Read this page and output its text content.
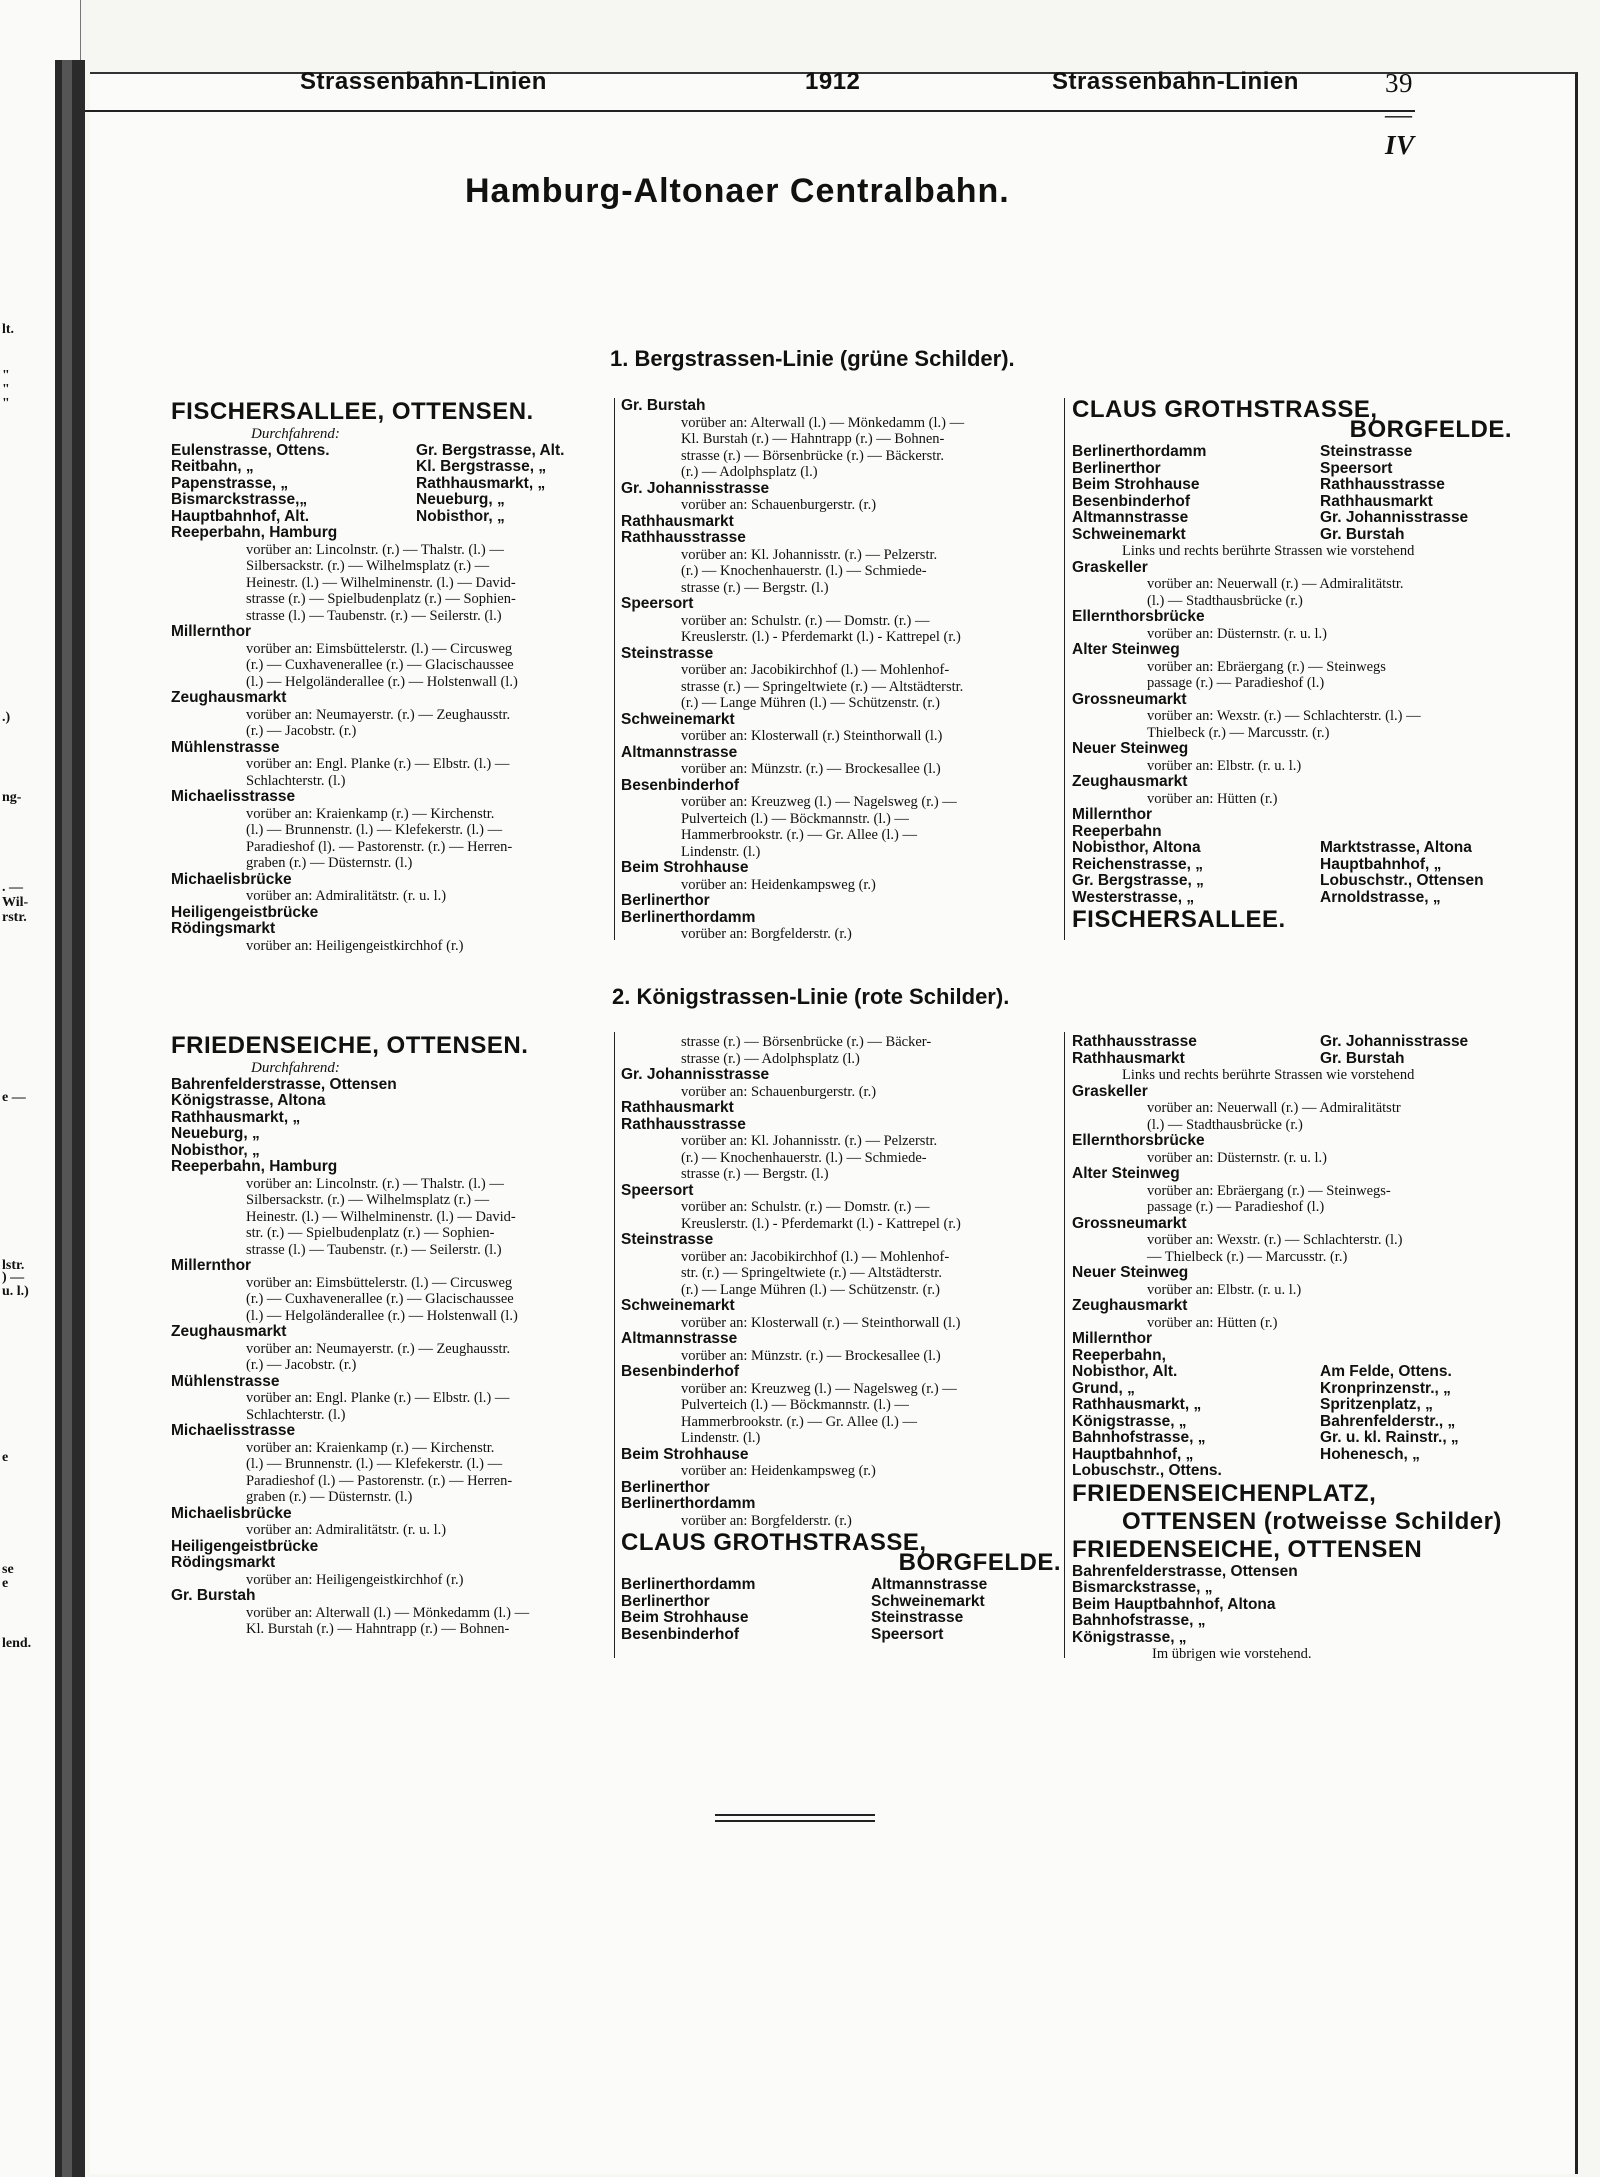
lt.
"
"
"
.)
ng-
. —
Wil-
rstr.
e —
lstr.
) —
u. l.)
e
se
e
lend.
Strassenbahn-Linien	1912	Strassenbahn-Linien	39—IV
Hamburg-Altonaer Centralbahn.
1. Bergstrassen-Linie (grüne Schilder).
FISCHERSALLEE, OTTENSEN.
Durchfahrend:
Eulenstrasse, Ottens.	Gr. Bergstrasse, Alt.
Reitbahn, „	Kl. Bergstrasse, „
Papenstrasse, „	Rathhausmarkt, „
Bismarckstrasse,„	Neueburg, „
Hauptbahnhof, Alt.	Nobisthor, „
Reeperbahn, Hamburg
vorüber an: Lincolnstr. (r.) — Thalstr. (l.) —
Silbersackstr. (r.) — Wilhelmsplatz (r.) —
Heinestr. (l.) — Wilhelminenstr. (l.) — David-
strasse (r.) — Spielbudenplatz (r.) — Sophien-
strasse (l.) — Taubenstr. (r.) — Seilerstr. (l.)
Millernthor
vorüber an: Eimsbüttelerstr. (l.) — Circusweg
(r.) — Cuxhavenerallee (r.) — Glacischaussee
(l.) — Helgoländerallee (r.) — Holstenwall (l.)
Zeughausmarkt
vorüber an: Neumayerstr. (r.) — Zeughausstr.
(r.) — Jacobstr. (r.)
Mühlenstrasse
vorüber an: Engl. Planke (r.) — Elbstr. (l.) —
Schlachterstr. (l.)
Michaelisstrasse
vorüber an: Kraienkamp (r.) — Kirchenstr.
(l.) — Brunnenstr. (l.) — Klefekerstr. (l.) —
Paradieshof (l). — Pastorenstr. (r.) — Herren-
graben (r.) — Düsternstr. (l.)
Michaelisbrücke
vorüber an: Admiralitätstr. (r. u. l.)
Heiligengeistbrücke
Rödingsmarkt
vorüber an: Heiligengeistkirchhof (r.)
Gr. Burstah
vorüber an: Alterwall (l.) — Mönkedamm (l.) —
Kl. Burstah (r.) — Hahntrapp (r.) — Bohnen-
strasse (r.) — Börsenbrücke (r.) — Bäckerstr.
(r.) — Adolphsplatz (l.)
Gr. Johannisstrasse
vorüber an: Schauenburgerstr. (r.)
Rathhausmarkt
Rathhausstrasse
vorüber an: Kl. Johannisstr. (r.) — Pelzerstr.
(r.) — Knochenhauerstr. (l.) — Schmiede-
strasse (r.) — Bergstr. (l.)
Speersort
vorüber an: Schulstr. (r.) — Domstr. (r.) —
Kreuslerstr. (l.) - Pferdemarkt (l.) - Kattrepel (r.)
Steinstrasse
vorüber an: Jacobikirchhof (l.) — Mohlenhof-
strasse (r.) — Springeltwiete (r.) — Altstädterstr.
(r.) — Lange Mühren (l.) — Schützenstr. (r.)
Schweinemarkt
vorüber an: Klosterwall (r.) Steinthorwall (l.)
Altmannstrasse
vorüber an: Münzstr. (r.) — Brockesallee (l.)
Besenbinderhof
vorüber an: Kreuzweg (l.) — Nagelsweg (r.) —
Pulverteich (l.) — Böckmannstr. (l.) —
Hammerbrookstr. (r.) — Gr. Allee (l.) —
Lindenstr. (l.)
Beim Strohhause
vorüber an: Heidenkampsweg (r.)
Berlinerthor
Berlinerthordamm
vorüber an: Borgfelderstr. (r.)
CLAUS GROTHSTRASSE,
BORGFELDE.
Berlinerthordamm	Steinstrasse
Berlinerthor	Speersort
Beim Strohhause	Rathhausstrasse
Besenbinderhof	Rathhausmarkt
Altmannstrasse	Gr. Johannisstrasse
Schweinemarkt	Gr. Burstah
Links und rechts berührte Strassen wie vorstehend
Graskeller
vorüber an: Neuerwall (r.) — Admiralitätstr.
(l.) — Stadthausbrücke (r.)
Ellernthorsbrücke
vorüber an: Düsternstr. (r. u. l.)
Alter Steinweg
vorüber an: Ebräergang (r.) — Steinwegs
passage (r.) — Paradieshof (l.)
Grossneumarkt
vorüber an: Wexstr. (r.) — Schlachterstr. (l.) —
Thielbeck (r.) — Marcusstr. (r.)
Neuer Steinweg
vorüber an: Elbstr. (r. u. l.)
Zeughausmarkt
vorüber an: Hütten (r.)
Millernthor
Reeperbahn
Nobisthor, Altona	Marktstrasse, Altona
Reichenstrasse, „	Hauptbahnhof, „
Gr. Bergstrasse, „	Lobuschstr., Ottensen
Westerstrasse, „	Arnoldstrasse, „
FISCHERSALLEE.
2. Königstrassen-Linie (rote Schilder).
FRIEDENSEICHE, OTTENSEN.
Durchfahrend:
Bahrenfelderstrasse, Ottensen
Königstrasse, Altona
Rathhausmarkt, „
Neueburg, „
Nobisthor, „
Reeperbahn, Hamburg
vorüber an: Lincolnstr. (r.) — Thalstr. (l.) —
Silbersackstr. (r.) — Wilhelmsplatz (r.) —
Heinestr. (l.) — Wilhelminenstr. (l.) — David-
str. (r.) — Spielbudenplatz (r.) — Sophien-
strasse (l.) — Taubenstr. (r.) — Seilerstr. (l.)
Millernthor
vorüber an: Eimsbüttelerstr. (l.) — Circusweg
(r.) — Cuxhavenerallee (r.) — Glacischaussee
(l.) — Helgoländerallee (r.) — Holstenwall (l.)
Zeughausmarkt
vorüber an: Neumayerstr. (r.) — Zeughausstr.
(r.) — Jacobstr. (r.)
Mühlenstrasse
vorüber an: Engl. Planke (r.) — Elbstr. (l.) —
Schlachterstr. (l.)
Michaelisstrasse
vorüber an: Kraienkamp (r.) — Kirchenstr.
(l.) — Brunnenstr. (l.) — Klefekerstr. (l.) —
Paradieshof (l.) — Pastorenstr. (r.) — Herren-
graben (r.) — Düsternstr. (l.)
Michaelisbrücke
vorüber an: Admiralitätstr. (r. u. l.)
Heiligengeistbrücke
Rödingsmarkt
vorüber an: Heiligengeistkirchhof (r.)
Gr. Burstah
vorüber an: Alterwall (l.) — Mönkedamm (l.) —
Kl. Burstah (r.) — Hahntrapp (r.) — Bohnen-
strasse (r.) — Börsenbrücke (r.) — Bäcker-
strasse (r.) — Adolphsplatz (l.)
Gr. Johannisstrasse
vorüber an: Schauenburgerstr. (r.)
Rathhausmarkt
Rathhausstrasse
vorüber an: Kl. Johannisstr. (r.) — Pelzerstr.
(r.) — Knochenhauerstr. (l.) — Schmiede-
strasse (r.) — Bergstr. (l.)
Speersort
vorüber an: Schulstr. (r.) — Domstr. (r.) —
Kreuslerstr. (l.) - Pferdemarkt (l.) - Kattrepel (r.)
Steinstrasse
vorüber an: Jacobikirchhof (l.) — Mohlenhof-
str. (r.) — Springeltwiete (r.) — Altstädterstr.
(r.) — Lange Mühren (l.) — Schützenstr. (r.)
Schweinemarkt
vorüber an: Klosterwall (r.) — Steinthorwall (l.)
Altmannstrasse
vorüber an: Münzstr. (r.) — Brockesallee (l.)
Besenbinderhof
vorüber an: Kreuzweg (l.) — Nagelsweg (r.) —
Pulverteich (l.) — Böckmannstr. (l.) —
Hammerbrookstr. (r.) — Gr. Allee (l.) —
Lindenstr. (l.)
Beim Strohhause
vorüber an: Heidenkampsweg (r.)
Berlinerthor
Berlinerthordamm
vorüber an: Borgfelderstr. (r.)
CLAUS GROTHSTRASSE,
BORGFELDE.
Berlinerthordamm	Altmannstrasse
Berlinerthor	Schweinemarkt
Beim Strohhause	Steinstrasse
Besenbinderhof	Speersort
Rathhausstrasse	Gr. Johannisstrasse
Rathhausmarkt	Gr. Burstah
Links und rechts berührte Strassen wie vorstehend
Graskeller
vorüber an: Neuerwall (r.) — Admiralitätstr
(l.) — Stadthausbrücke (r.)
Ellernthorsbrücke
vorüber an: Düsternstr. (r. u. l.)
Alter Steinweg
vorüber an: Ebräergang (r.) — Steinwegs-
passage (r.) — Paradieshof (l.)
Grossneumarkt
vorüber an: Wexstr. (r.) — Schlachterstr. (l.)
— Thielbeck (r.) — Marcusstr. (r.)
Neuer Steinweg
vorüber an: Elbstr. (r. u. l.)
Zeughausmarkt
vorüber an: Hütten (r.)
Millernthor
Reeperbahn,
Nobisthor, Alt.	Am Felde, Ottens.
Grund, „	Kronprinzenstr., „
Rathhausmarkt, „	Spritzenplatz, „
Königstrasse, „	Bahrenfelderstr., „
Bahnhofstrasse, „	Gr. u. kl. Rainstr., „
Hauptbahnhof, „	Hohenesch, „
Lobuschstr., Ottens.
FRIEDENSEICHENPLATZ,
OTTENSEN (rotweisse Schilder)
FRIEDENSEICHE, OTTENSEN
Bahrenfelderstrasse, Ottensen
Bismarckstrasse, „
Beim Hauptbahnhof, Altona
Bahnhofstrasse, „
Königstrasse, „
Im übrigen wie vorstehend.
